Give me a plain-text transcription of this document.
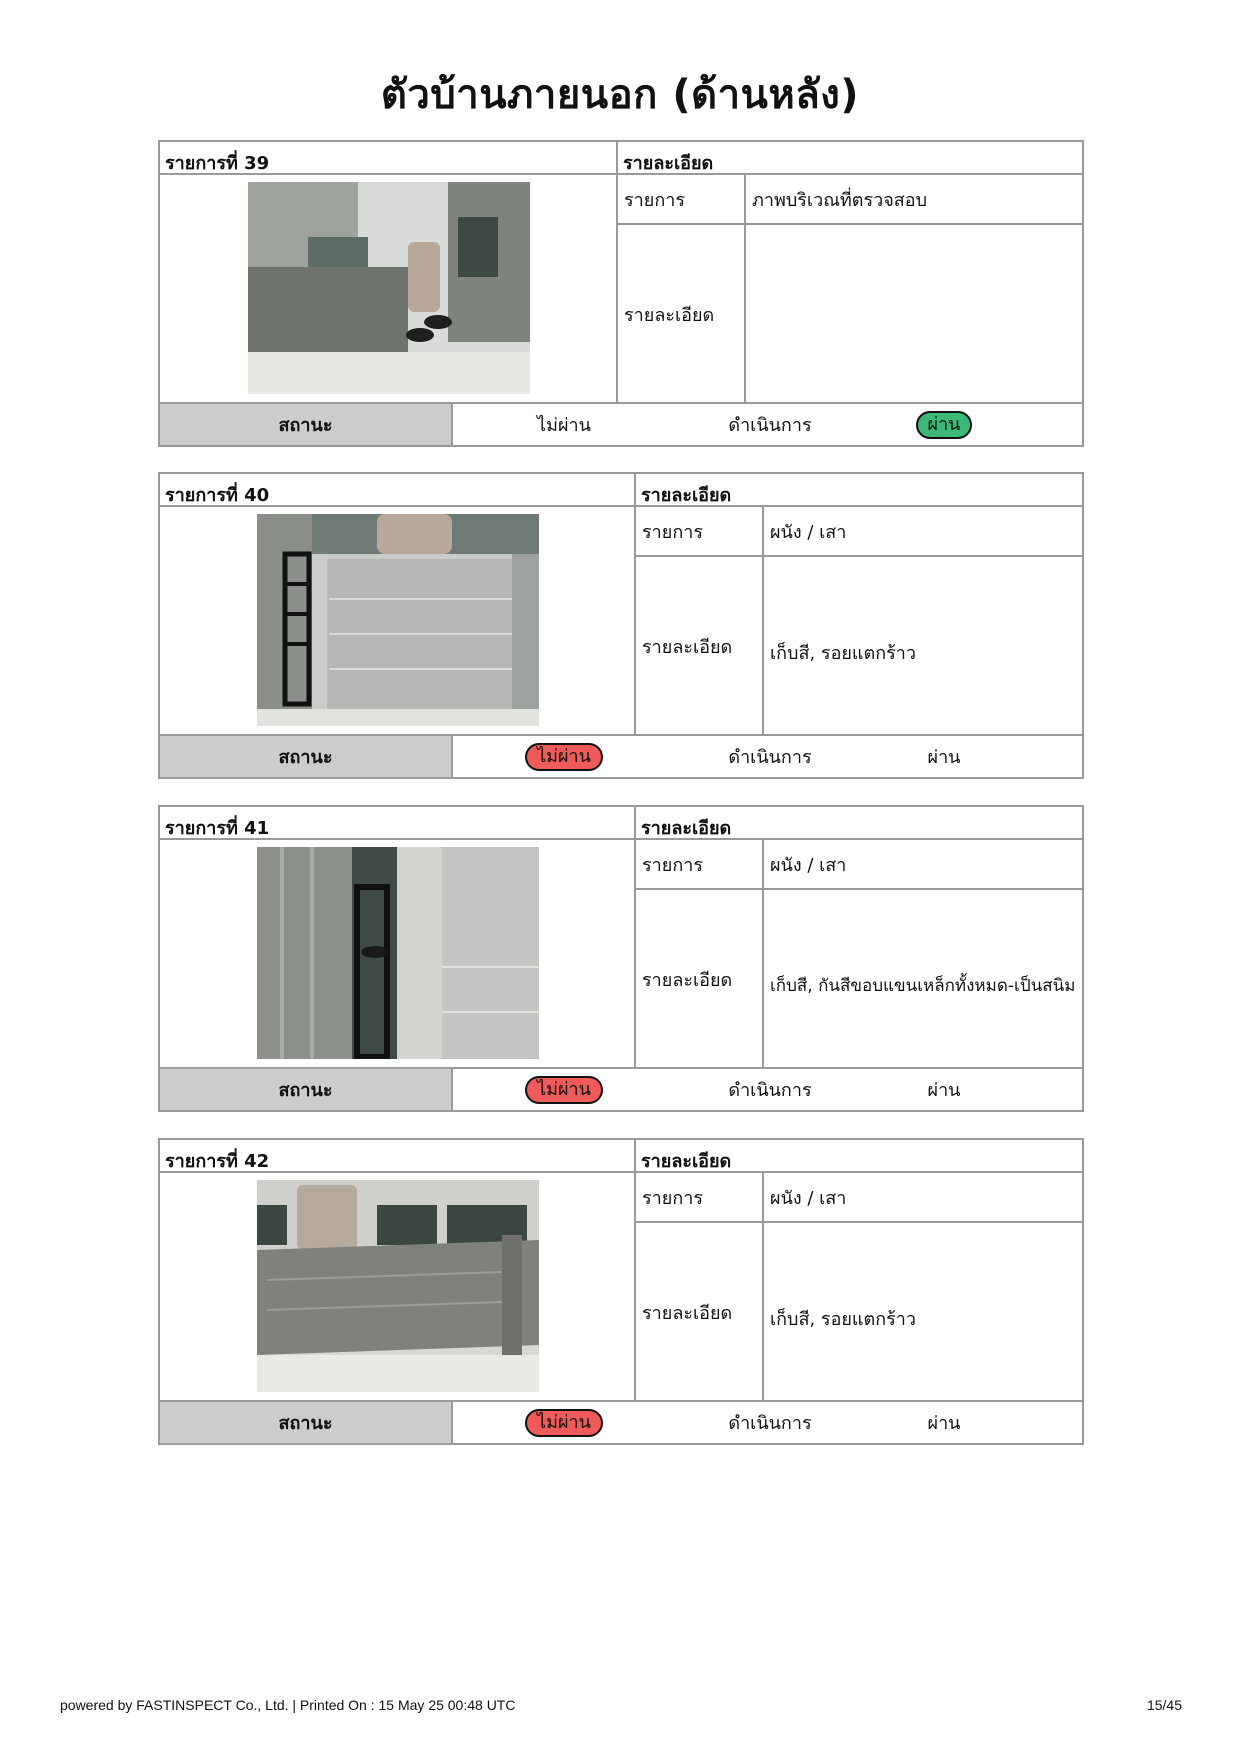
ตัวบ้านภายนอก (ด้านหลัง)
รายการที่ 39	รายละเอียด
รายการ	ภาพบริเวณที่ตรวจสอบ
รายละเอียด
สถานะ	ไม่ผ่าน	ดำเนินการ	ผ่าน
รายการที่ 40	รายละเอียด
รายการ	ผนัง / เสา
รายละเอียด	เก็บสี, รอยแตกร้าว
สถานะ	ไม่ผ่าน	ดำเนินการ	ผ่าน
รายการที่ 41	รายละเอียด
รายการ	ผนัง / เสา
รายละเอียด	เก็บสี, กันสีขอบแขนเหล็กทั้งหมด-เป็นสนิม
สถานะ	ไม่ผ่าน	ดำเนินการ	ผ่าน
รายการที่ 42	รายละเอียด
รายการ	ผนัง / เสา
รายละเอียด	เก็บสี, รอยแตกร้าว
สถานะ	ไม่ผ่าน	ดำเนินการ	ผ่าน
powered by FASTINSPECT Co., Ltd. | Printed On : 15 May 25 00:48 UTC	15/45
